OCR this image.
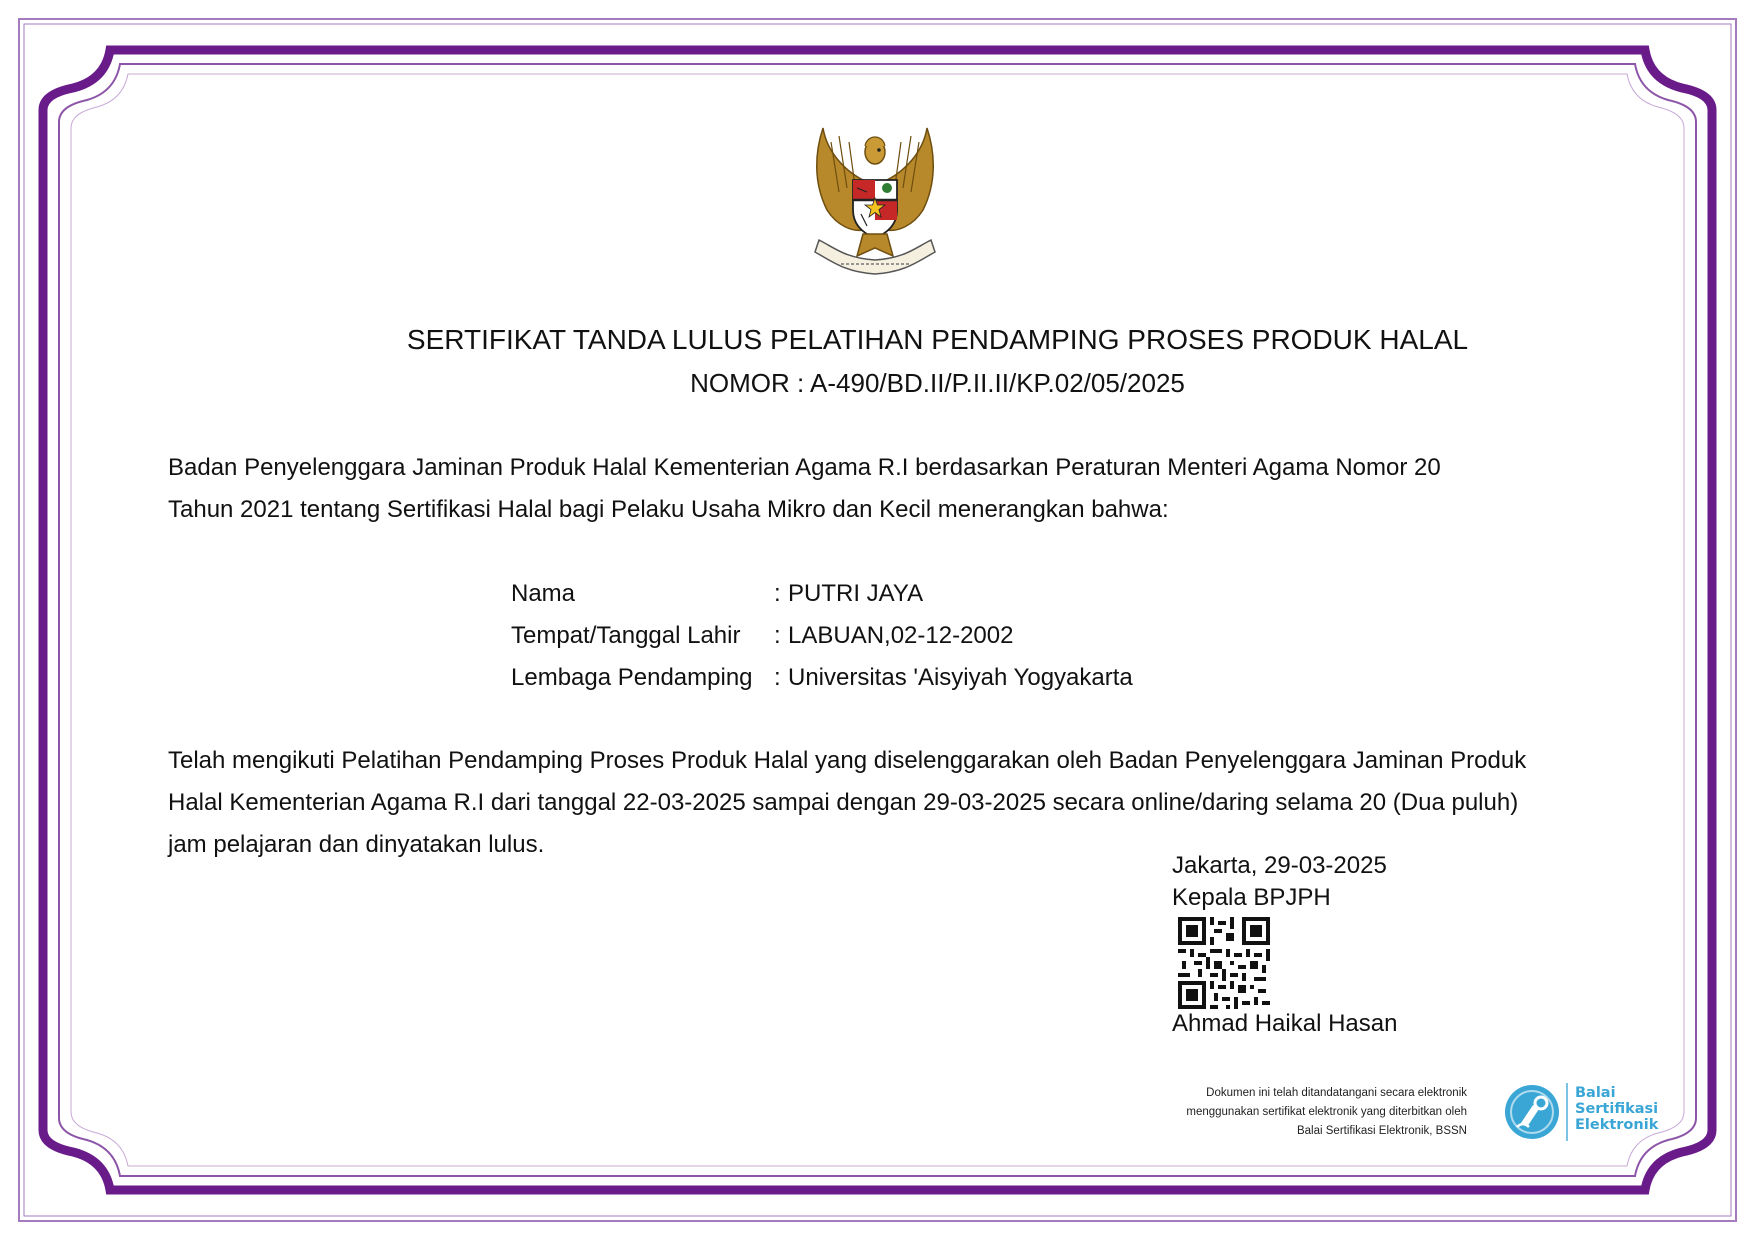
SERTIFIKAT TANDA LULUS PELATIHAN PENDAMPING PROSES PRODUK HALAL

NOMOR : A-490/BD.II/P.II.II/KP.02/05/2025

Badan Penyelenggara Jaminan Produk Halal Kementerian Agama R.I berdasarkan Peraturan Menteri Agama Nomor 20

Tahun 2021 tentang Sertifikasi Halal bagi Pelaku Usaha Mikro dan Kecil menerangkan bahwa:

Nama	: PUTRI JAYA

Tempat/Tanggal Lahir : LABUAN,02-12-2002

Lembaga Pendamping : Universitas 'Aisyiyah Yogyakarta

Telah mengikuti Pelatihan Pendamping Proses Produk Halal yang diselenggarakan oleh Badan Penyelenggara Jaminan Produk

Halal Kementerian Agama R.I dari tanggal 22-03-2025 sampai dengan 29-03-2025 secara online/daring selama 20 (Dua puluh)

jam pelajaran dan dinyatakan lulus.

Jakarta, 29-03-2025

Kepala BPJPH

Ahmad Haikal Hasan

Dokumen ini telah ditandatangani secara elektronik
menggunakan sertifikat elektronik yang diterbitkan oleh
Balai Sertifikasi Elektronik, BSSN
Balai
Sertifikasi
Elektronik
